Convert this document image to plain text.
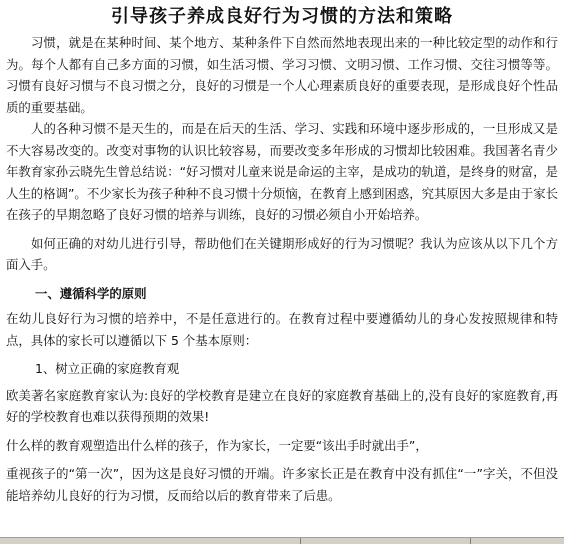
引导孩子养成良好行为习惯的方法和策略
习惯，就是在某种时间、某个地方、某种条件下自然而然地表现出来的一种比较定型的动作和行为。每个人都有自己多方面的习惯，如生活习惯、学习习惯、文明习惯、工作习惯、交往习惯等等。习惯有良好习惯与不良习惯之分，良好的习惯是一个人心理素质良好的重要表现，是形成良好个性品质的重要基础。
人的各种习惯不是天生的，而是在后天的生活、学习、实践和环境中逐步形成的，一旦形成又是不大容易改变的。改变对事物的认识比较容易，而要改变多年形成的习惯却比较困难。我国著名青少年教育家孙云晓先生曾总结说：“好习惯对儿童来说是命运的主宰，是成功的轨道，是终身的财富，是人生的格调”。不少家长为孩子种种不良习惯十分烦恼，在教育上感到困惑，究其原因大多是由于家长在孩子的早期忽略了良好习惯的培养与训练，良好的习惯必须自小开始培养。
如何正确的对幼儿进行引导，帮助他们在关键期形成好的行为习惯呢？我认为应该从以下几个方面入手。
一、遵循科学的原则
在幼儿良好行为习惯的培养中，不是任意进行的。在教育过程中要遵循幼儿的身心发按照规律和特点，具体的家长可以遵循以下 5 个基本原则：
1、树立正确的家庭教育观
欧美著名家庭教育家认为:良好的学校教育是建立在良好的家庭教育基础上的,没有良好的家庭教育,再好的学校教育也难以获得预期的效果!
什么样的教育观塑造出什么样的孩子，作为家长，一定要“该出手时就出手”，
重视孩子的“第一次”，因为这是良好习惯的开端。许多家长正是在教育中没有抓住“一”字关，不但没能培养幼儿良好的行为习惯，反而给以后的教育带来了后患。
